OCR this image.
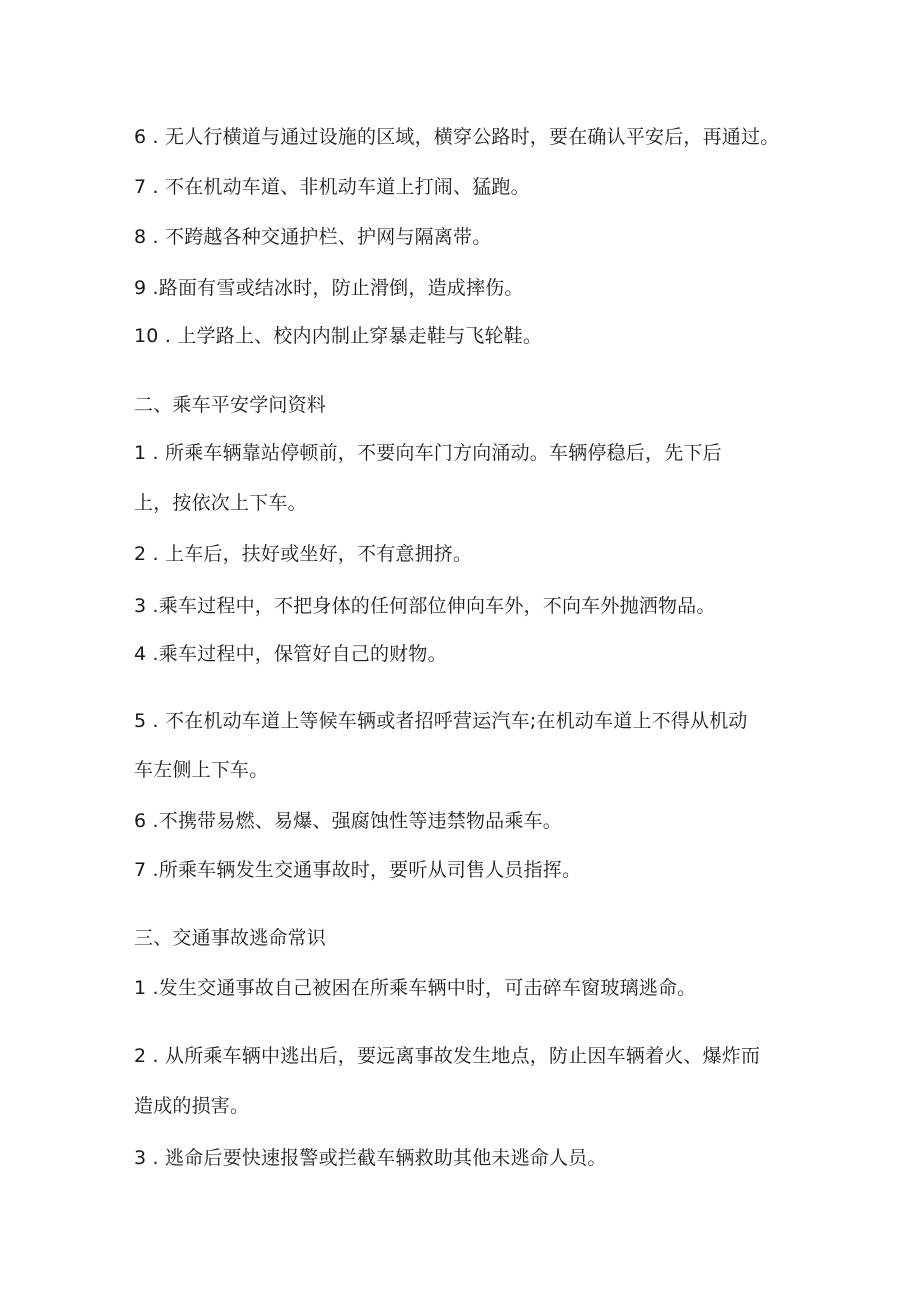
6 . 无人行横道与通过设施的区域，横穿公路时，要在确认平安后，再通过。
7 . 不在机动车道、非机动车道上打闹、猛跑。
8 . 不跨越各种交通护栏、护网与隔离带。
9 .路面有雪或结冰时，防止滑倒，造成摔伤。
10 . 上学路上、校内内制止穿暴走鞋与飞轮鞋。
二、乘车平安学问资料
1 . 所乘车辆靠站停顿前，不要向车门方向涌动。车辆停稳后，先下后
上，按依次上下车。
2 . 上车后，扶好或坐好，不有意拥挤。
3 .乘车过程中，不把身体的任何部位伸向车外，不向车外抛洒物品。
4 .乘车过程中，保管好自己的财物。
5 . 不在机动车道上等候车辆或者招呼营运汽车;在机动车道上不得从机动
车左侧上下车。
6 .不携带易燃、易爆、强腐蚀性等违禁物品乘车。
7 .所乘车辆发生交通事故时，要听从司售人员指挥。
三、交通事故逃命常识
1 .发生交通事故自己被困在所乘车辆中时，可击碎车窗玻璃逃命。
2 . 从所乘车辆中逃出后，要远离事故发生地点，防止因车辆着火、爆炸而
造成的损害。
3 . 逃命后要快速报警或拦截车辆救助其他未逃命人员。
